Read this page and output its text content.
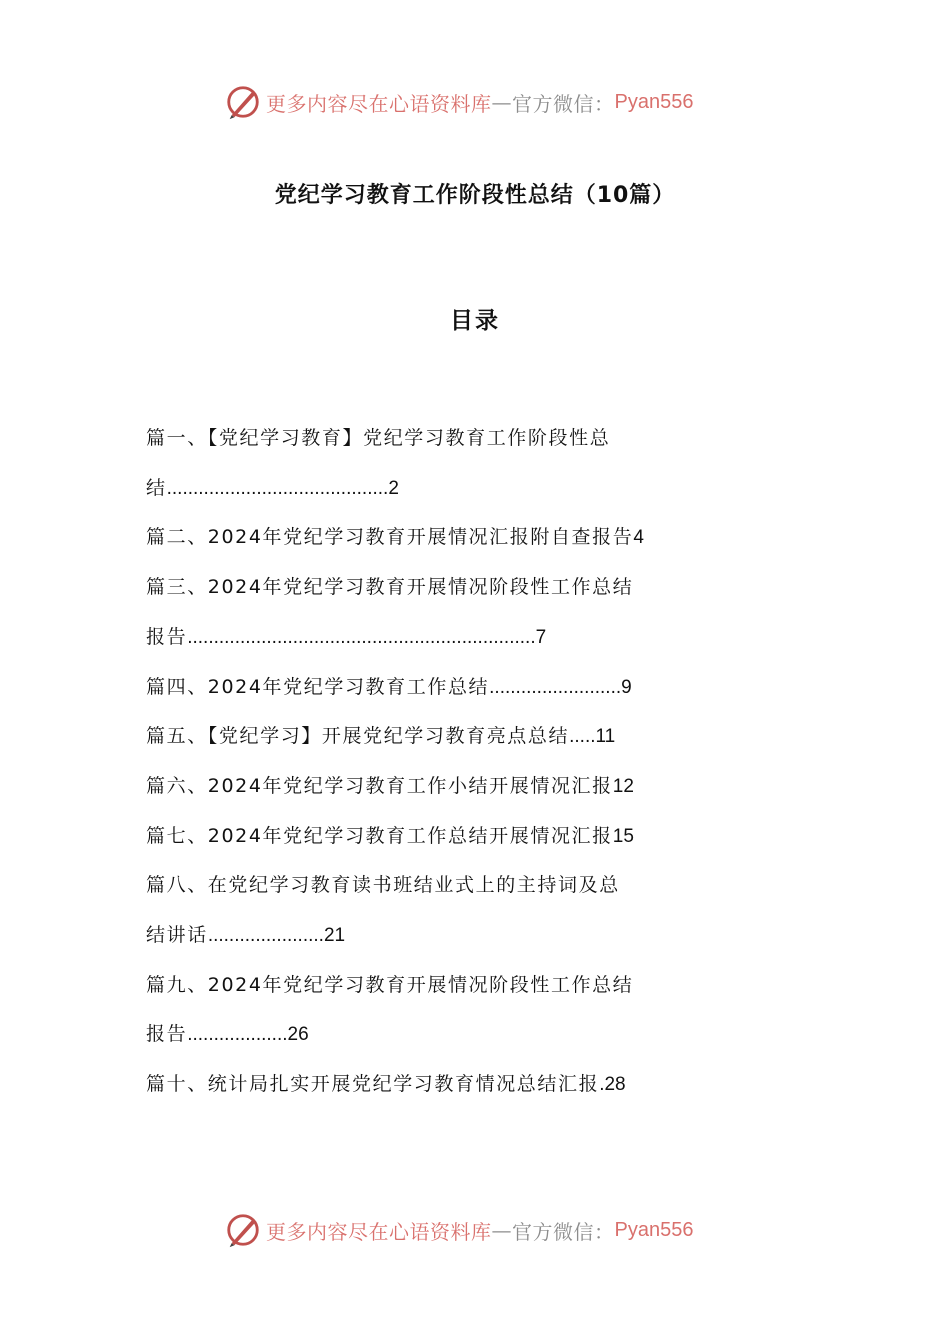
更多内容尽在心语资料库 — 官方微信： Pyan556
党纪学习教育工作阶段性总结（10篇）
目录
篇一、【党纪学习教育】党纪学习教育工作阶段性总
结..........................................2
篇二、2024年党纪学习教育开展情况汇报附自查报告4
篇三、2024年党纪学习教育开展情况阶段性工作总结
报告..................................................................7
篇四、2024年党纪学习教育工作总结.........................9
篇五、【党纪学习】开展党纪学习教育亮点总结.....11
篇六、2024年党纪学习教育工作小结开展情况汇报12
篇七、2024年党纪学习教育工作总结开展情况汇报15
篇八、在党纪学习教育读书班结业式上的主持词及总
结讲话......................21
篇九、2024年党纪学习教育开展情况阶段性工作总结
报告...................26
篇十、统计局扎实开展党纪学习教育情况总结汇报.28
更多内容尽在心语资料库 — 官方微信： Pyan556
